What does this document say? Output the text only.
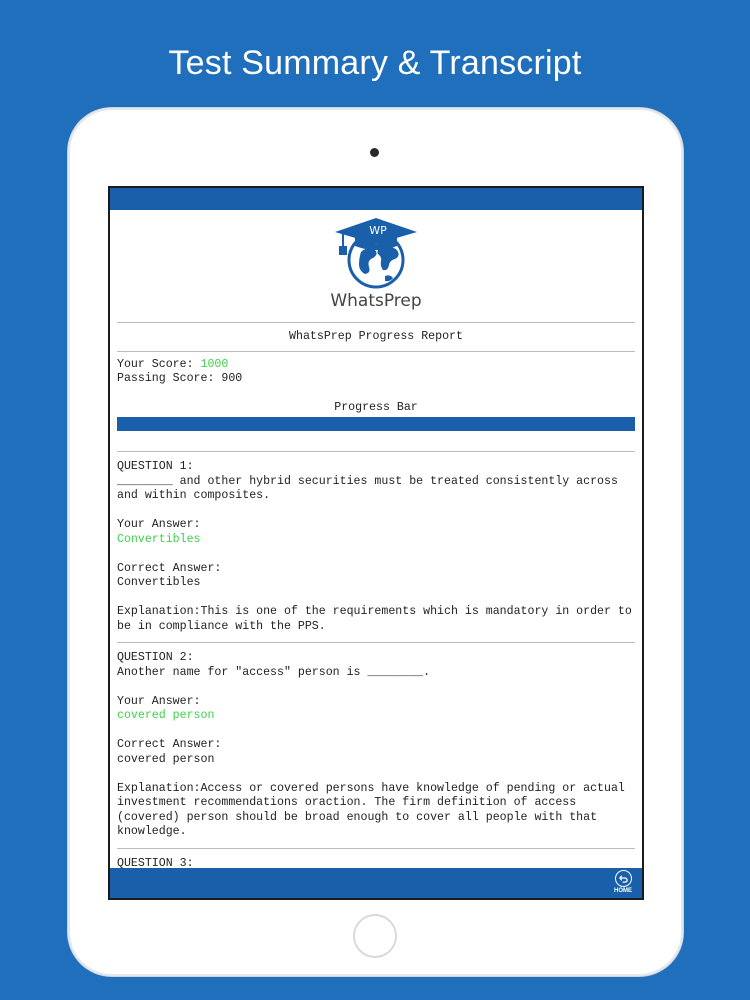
Test Summary & Transcript
WP
WhatsPrep
WhatsPrep Progress Report
Your Score: 1000
Passing Score: 900
Progress Bar
QUESTION 1:
________ and other hybrid securities must be treated consistently across and within composites.
Your Answer:
Convertibles
Correct Answer:
Convertibles
Explanation:This is one of the requirements which is mandatory in order to be in compliance with the PPS.
QUESTION 2:
Another name for "access" person is ________.
Your Answer:
covered person
Correct Answer:
covered person
Explanation:Access or covered persons have knowledge of pending or actual investment recommendations oraction. The firm definition of access (covered) person should be broad enough to cover all people with that knowledge.
QUESTION 3:
HOME
